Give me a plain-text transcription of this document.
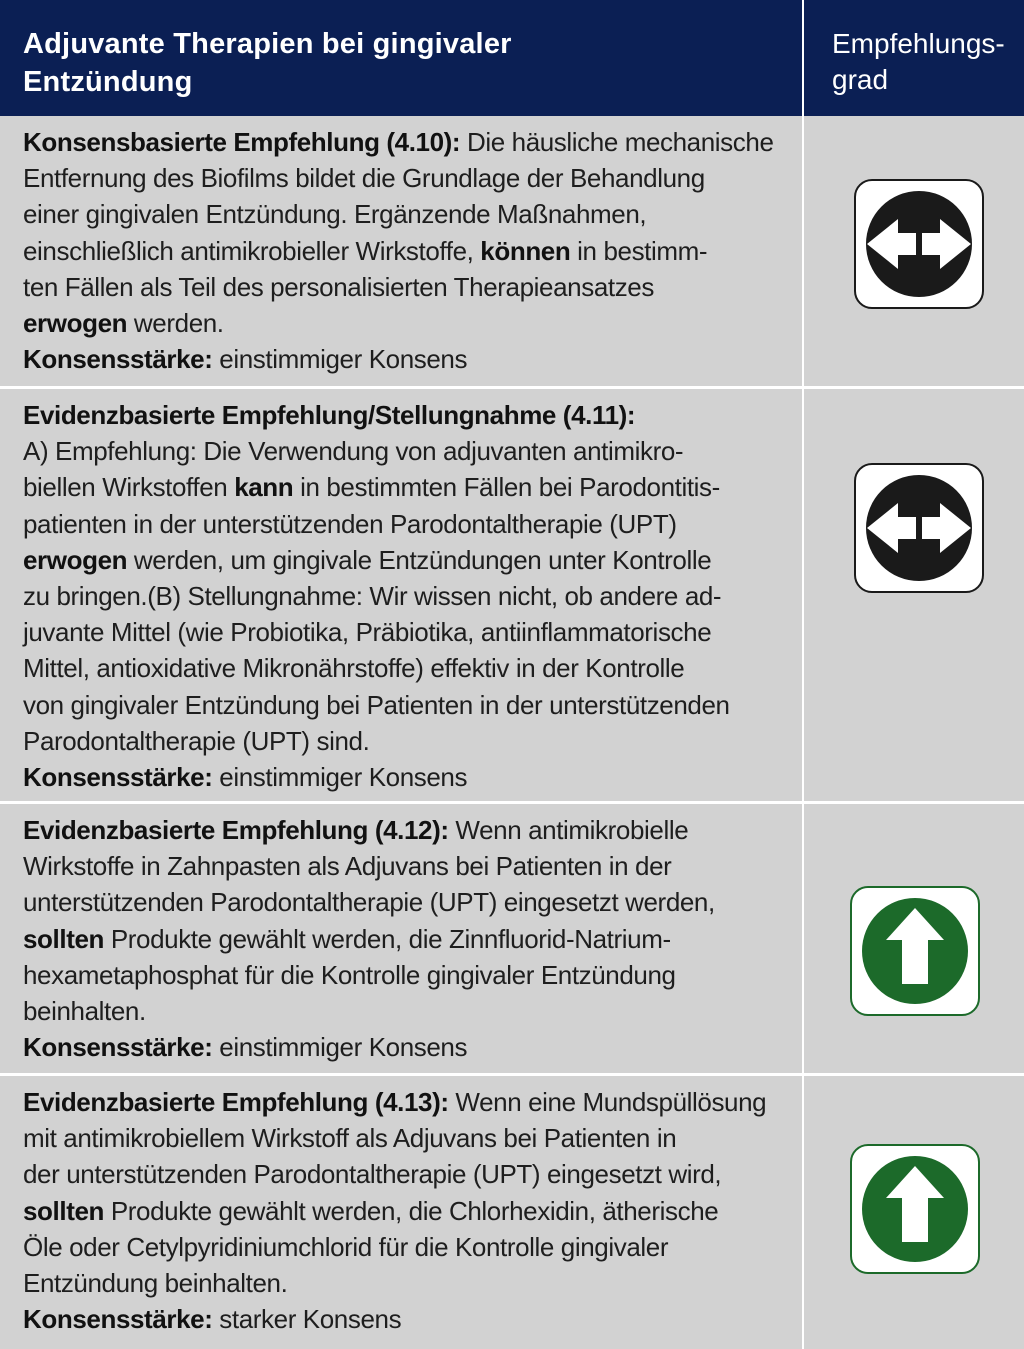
Adjuvante Therapien bei gingivaler
Entzündung
Empfehlungs-
grad
Konsensbasierte Empfehlung (4.10): Die häusliche mechanische
Entfernung des Biofilms bildet die Grundlage der Behandlung
einer gingivalen Entzündung. Ergänzende Maßnahmen,
einschließlich antimikrobieller Wirkstoffe, können in bestimm-
ten Fällen als Teil des personalisierten Therapieansatzes
erwogen werden.
Konsensstärke: einstimmiger Konsens
Evidenzbasierte Empfehlung/Stellungnahme (4.11):
A) Empfehlung: Die Verwendung von adjuvanten antimikro-
biellen Wirkstoffen kann in bestimmten Fällen bei Parodontitis-
patienten in der unterstützenden Parodontaltherapie (UPT)
erwogen werden, um gingivale Entzündungen unter Kontrolle
zu bringen.(B) Stellungnahme: Wir wissen nicht, ob andere ad-
juvante Mittel (wie Probiotika, Präbiotika, antiinflammatorische
Mittel, antioxidative Mikronährstoffe) effektiv in der Kontrolle
von gingivaler Entzündung bei Patienten in der unterstützenden
Parodontaltherapie (UPT) sind.
Konsensstärke: einstimmiger Konsens
Evidenzbasierte Empfehlung (4.12): Wenn antimikrobielle
Wirkstoffe in Zahnpasten als Adjuvans bei Patienten in der
unterstützenden Parodontaltherapie (UPT) eingesetzt werden,
sollten Produkte gewählt werden, die Zinnfluorid-Natrium-
hexametaphosphat für die Kontrolle gingivaler Entzündung
beinhalten.
Konsensstärke: einstimmiger Konsens
Evidenzbasierte Empfehlung (4.13): Wenn eine Mundspüllösung
mit antimikrobiellem Wirkstoff als Adjuvans bei Patienten in
der unterstützenden Parodontaltherapie (UPT) eingesetzt wird,
sollten Produkte gewählt werden, die Chlorhexidin, ätherische
Öle oder Cetylpyridiniumchlorid für die Kontrolle gingivaler
Entzündung beinhalten.
Konsensstärke: starker Konsens
